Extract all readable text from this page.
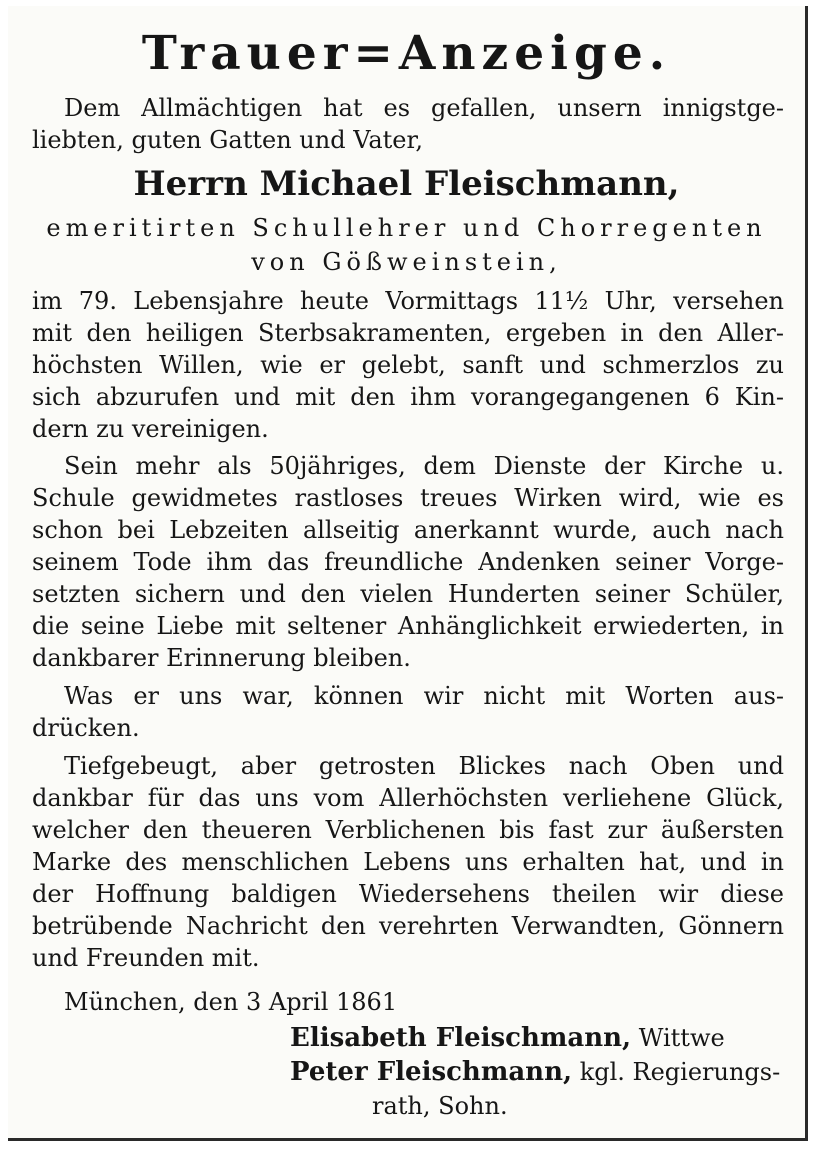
Trauer=Anzeige.
Dem Allmächtigen hat es gefallen, unsern innigstge-
liebten, guten Gatten und Vater,
Herrn Michael Fleischmann,
emeritirten Schullehrer und Chorregenten
von Gößweinstein,
im 79. Lebensjahre heute Vormittags 11½ Uhr, versehen
mit den heiligen Sterbsakramenten, ergeben in den Aller-
höchsten Willen, wie er gelebt, sanft und schmerzlos zu
sich abzurufen und mit den ihm vorangegangenen 6 Kin-
dern zu vereinigen.
Sein mehr als 50jähriges, dem Dienste der Kirche u.
Schule gewidmetes rastloses treues Wirken wird, wie es
schon bei Lebzeiten allseitig anerkannt wurde, auch nach
seinem Tode ihm das freundliche Andenken seiner Vorge-
setzten sichern und den vielen Hunderten seiner Schüler,
die seine Liebe mit seltener Anhänglichkeit erwiederten, in
dankbarer Erinnerung bleiben.
Was er uns war, können wir nicht mit Worten aus-
drücken.
Tiefgebeugt, aber getrosten Blickes nach Oben und
dankbar für das uns vom Allerhöchsten verliehene Glück,
welcher den theueren Verblichenen bis fast zur äußersten
Marke des menschlichen Lebens uns erhalten hat, und in
der Hoffnung baldigen Wiedersehens theilen wir diese
betrübende Nachricht den verehrten Verwandten, Gönnern
und Freunden mit.
München, den 3 April 1861
Elisabeth Fleischmann, Wittwe
Peter Fleischmann, kgl. Regierungs-
rath, Sohn.
